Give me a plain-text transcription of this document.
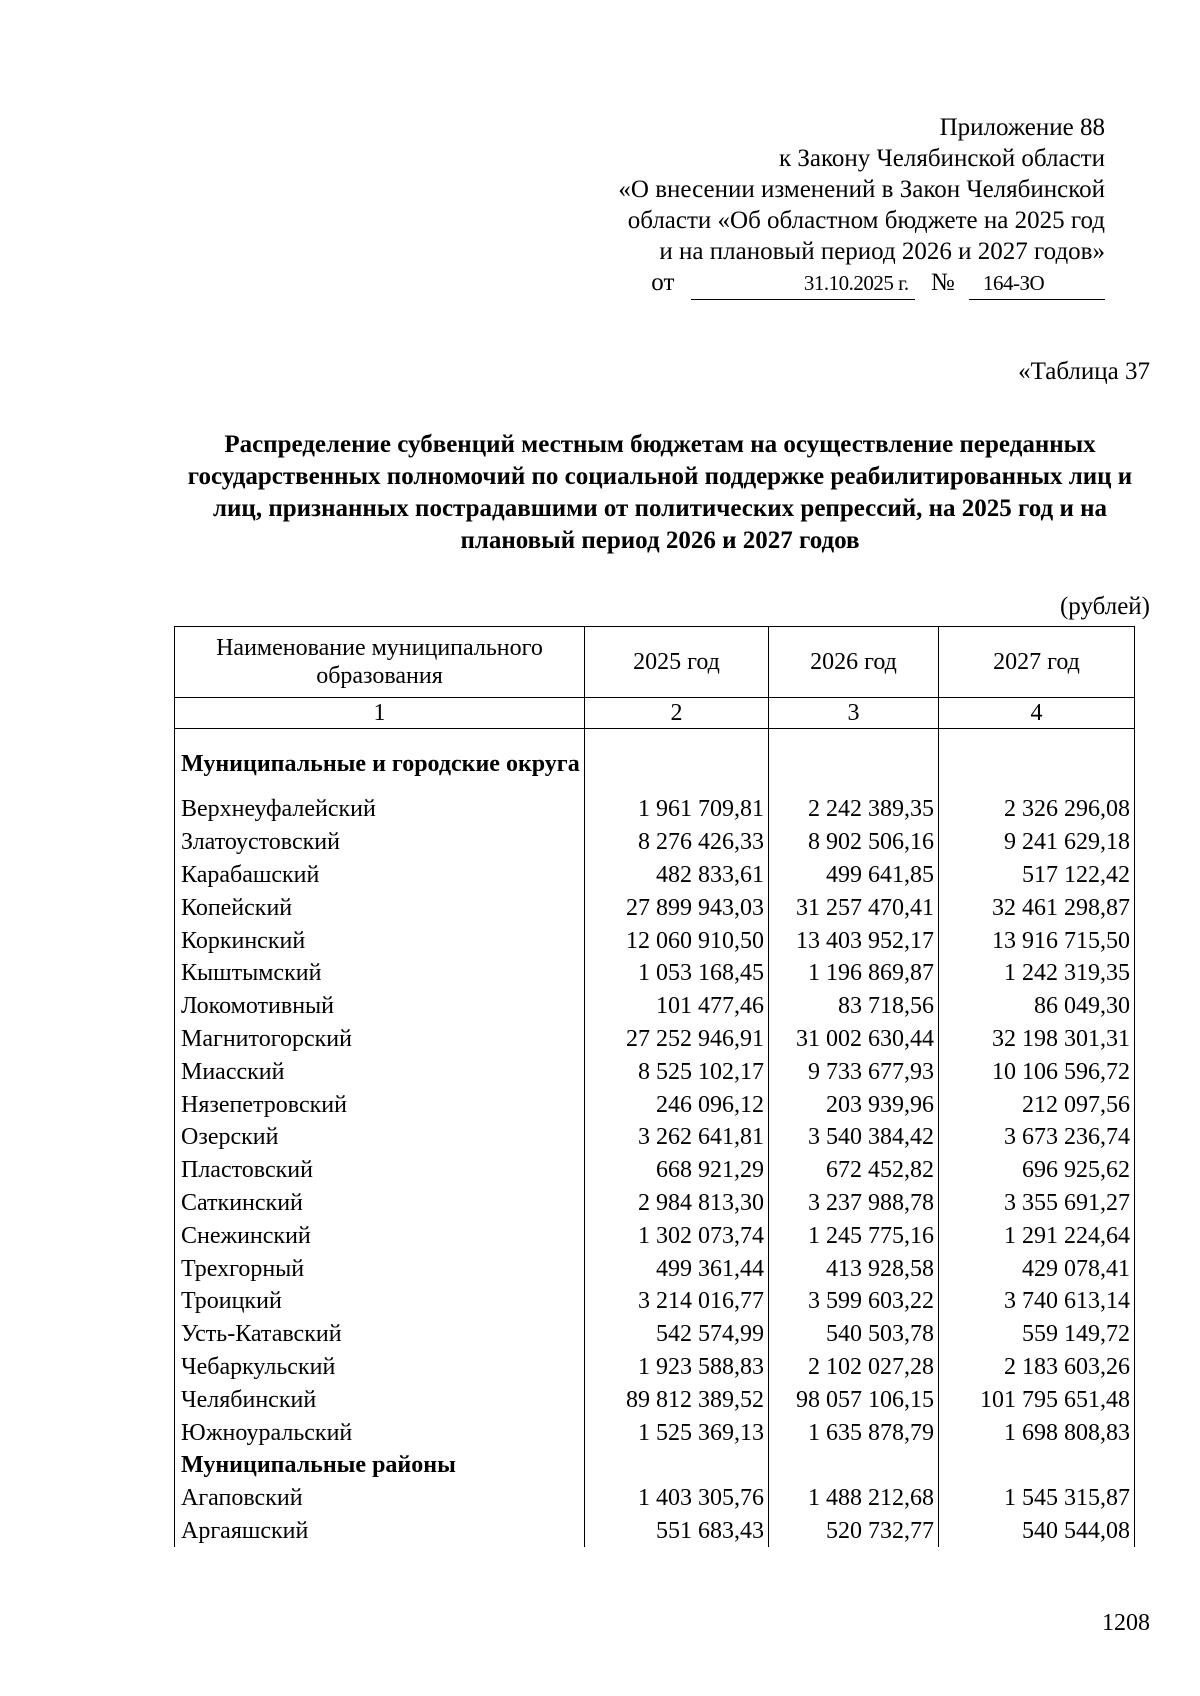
Приложение 88
к Закону Челябинской области
«О внесении изменений в Закон Челябинской
области «Об областном бюджете на 2025 год
и на плановый период 2026 и 2027 годов»
от	31.10.2025 г. № 164-ЗО
«Таблица 37
Распределение субвенций местным бюджетам на осуществление переданных государственных полномочий по социальной поддержке реабилитированных лиц и лиц, признанных пострадавшими от политических репрессий, на 2025 год и на плановый период 2026 и 2027 годов
(рублей)
Наименование муниципального образования	2025 год	2026 год	2027 год
1	2	3	4
Муниципальные и городские округа			
Верхнеуфалейский	1 961 709,81	2 242 389,35	2 326 296,08
Златоустовский	8 276 426,33	8 902 506,16	9 241 629,18
Карабашский	482 833,61	499 641,85	517 122,42
Копейский	27 899 943,03	31 257 470,41	32 461 298,87
Коркинский	12 060 910,50	13 403 952,17	13 916 715,50
Кыштымский	1 053 168,45	1 196 869,87	1 242 319,35
Локомотивный	101 477,46	83 718,56	86 049,30
Магнитогорский	27 252 946,91	31 002 630,44	32 198 301,31
Миасский	8 525 102,17	9 733 677,93	10 106 596,72
Нязепетровский	246 096,12	203 939,96	212 097,56
Озерский	3 262 641,81	3 540 384,42	3 673 236,74
Пластовский	668 921,29	672 452,82	696 925,62
Саткинский	2 984 813,30	3 237 988,78	3 355 691,27
Снежинский	1 302 073,74	1 245 775,16	1 291 224,64
Трехгорный	499 361,44	413 928,58	429 078,41
Троицкий	3 214 016,77	3 599 603,22	3 740 613,14
Усть-Катавский	542 574,99	540 503,78	559 149,72
Чебаркульский	1 923 588,83	2 102 027,28	2 183 603,26
Челябинский	89 812 389,52	98 057 106,15	101 795 651,48
Южноуральский	1 525 369,13	1 635 878,79	1 698 808,83
Муниципальные районы			
Агаповский	1 403 305,76	1 488 212,68	1 545 315,87
Аргаяшский	551 683,43	520 732,77	540 544,08
1208
